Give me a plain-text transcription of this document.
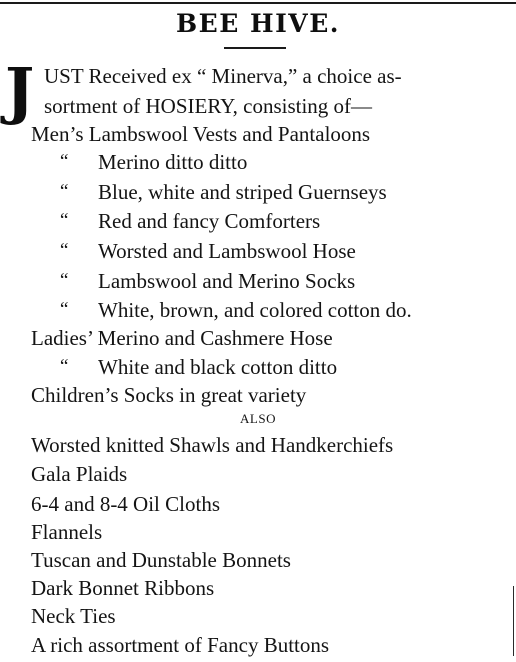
BEE HIVE.
J UST Received ex “ Minerva,” a choice as-
sortment of HOSIERY, consisting of—
Men’s Lambswool Vests and Pantaloons
“ Merino ditto ditto
“ Blue, white and striped Guernseys
“ Red and fancy Comforters
“ Worsted and Lambswool Hose
“ Lambswool and Merino Socks
“ White, brown, and colored cotton do.
Ladies’ Merino and Cashmere Hose
“ White and black cotton ditto
Children’s Socks in great variety
ALSO
Worsted knitted Shawls and Handkerchiefs
Gala Plaids
6-4 and 8-4 Oil Cloths
Flannels
Tuscan and Dunstable Bonnets
Dark Bonnet Ribbons
Neck Ties
A rich assortment of Fancy Buttons
